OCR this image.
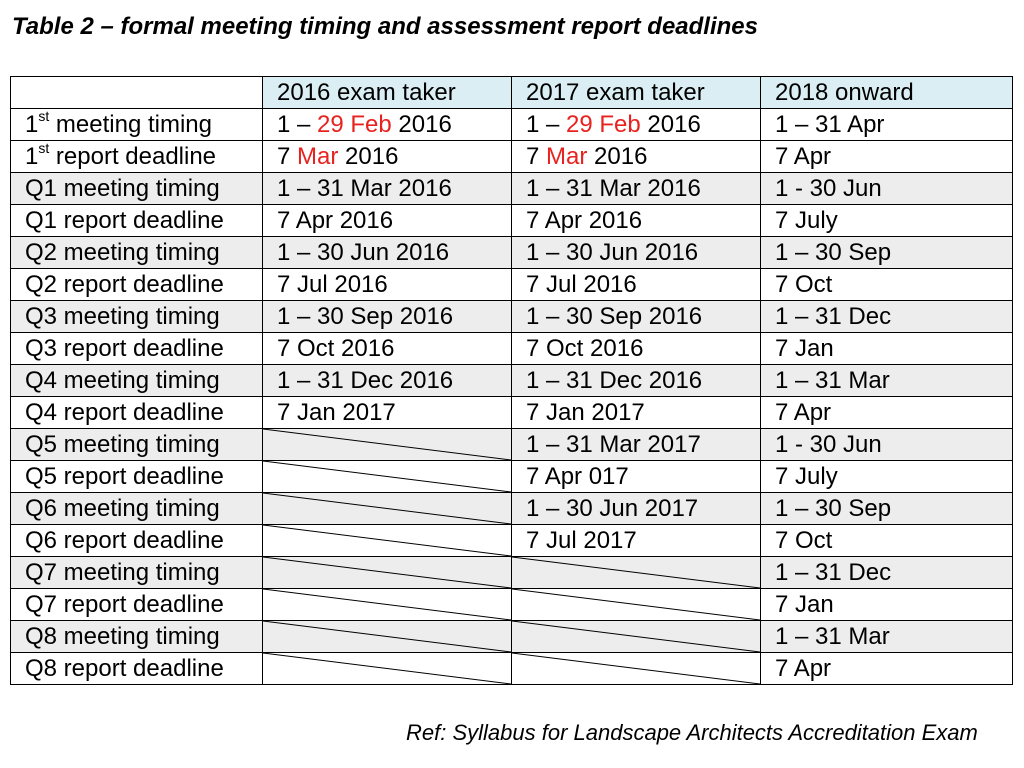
Table 2 – formal meeting timing and assessment report deadlines
	2016 exam taker	2017 exam taker	2018 onward
1st meeting timing	1 – 29 Feb 2016	1 – 29 Feb 2016	1 – 31 Apr
1st report deadline	7 Mar 2016	7 Mar 2016	7 Apr
Q1 meeting timing	1 – 31 Mar 2016	1 – 31 Mar 2016	1 - 30 Jun
Q1 report deadline	7 Apr 2016	7 Apr 2016	7 July
Q2 meeting timing	1 – 30 Jun 2016	1 – 30 Jun 2016	1 – 30 Sep
Q2 report deadline	7 Jul 2016	7 Jul 2016	7 Oct
Q3 meeting timing	1 – 30 Sep 2016	1 – 30 Sep 2016	1 – 31 Dec
Q3 report deadline	7 Oct 2016	7 Oct 2016	7 Jan
Q4 meeting timing	1 – 31 Dec 2016	1 – 31 Dec 2016	1 – 31 Mar
Q4 report deadline	7 Jan 2017	7 Jan 2017	7 Apr
Q5 meeting timing		1 – 31 Mar 2017	1 - 30 Jun
Q5 report deadline		7 Apr 017	7 July
Q6 meeting timing		1 – 30 Jun 2017	1 – 30 Sep
Q6 report deadline		7 Jul 2017	7 Oct
Q7 meeting timing			1 – 31 Dec
Q7 report deadline			7 Jan
Q8 meeting timing			1 – 31 Mar
Q8 report deadline			7 Apr
Ref: Syllabus for Landscape Architects Accreditation Exam
